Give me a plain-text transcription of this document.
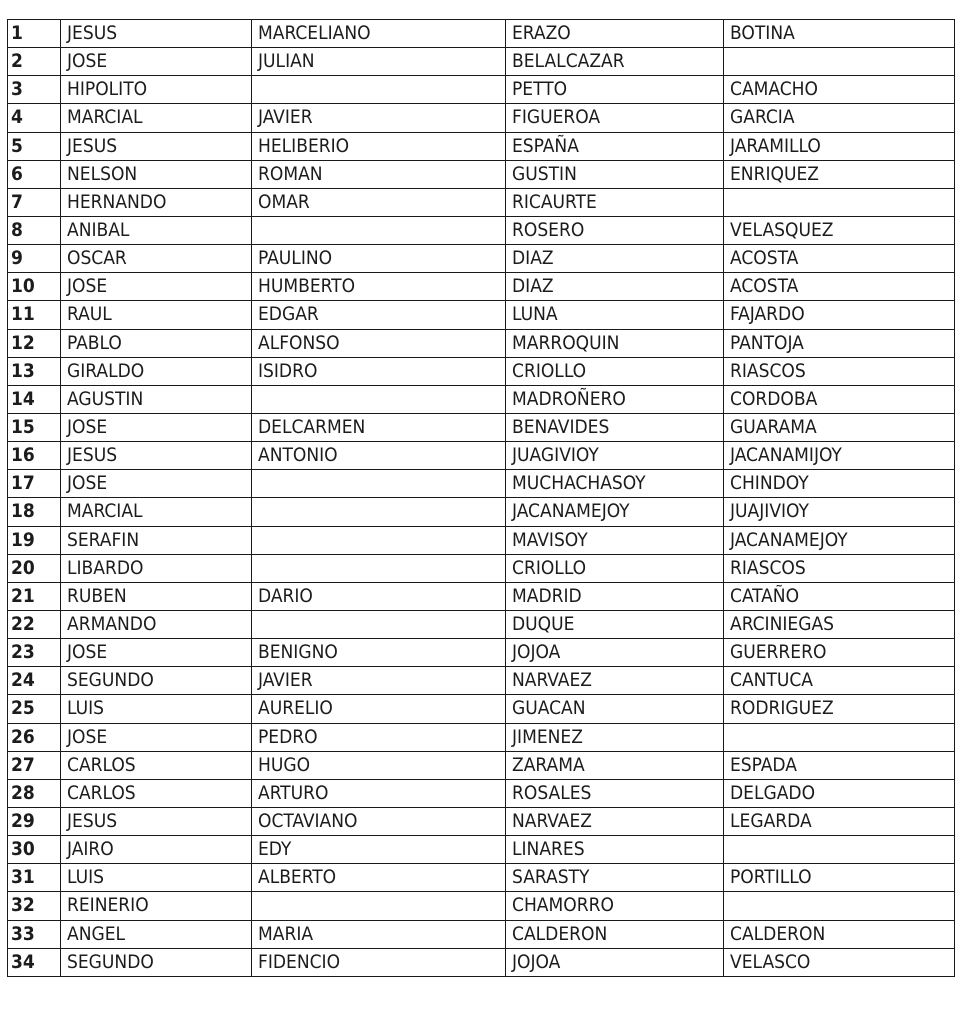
1	JESUS	MARCELIANO	ERAZO	BOTINA
2	JOSE	JULIAN	BELALCAZAR	
3	HIPOLITO		PETTO	CAMACHO
4	MARCIAL	JAVIER	FIGUEROA	GARCIA
5	JESUS	HELIBERIO	ESPAÑA	JARAMILLO
6	NELSON	ROMAN	GUSTIN	ENRIQUEZ
7	HERNANDO	OMAR	RICAURTE	
8	ANIBAL		ROSERO	VELASQUEZ
9	OSCAR	PAULINO	DIAZ	ACOSTA
10	JOSE	HUMBERTO	DIAZ	ACOSTA
11	RAUL	EDGAR	LUNA	FAJARDO
12	PABLO	ALFONSO	MARROQUIN	PANTOJA
13	GIRALDO	ISIDRO	CRIOLLO	RIASCOS
14	AGUSTIN		MADROÑERO	CORDOBA
15	JOSE	DELCARMEN	BENAVIDES	GUARAMA
16	JESUS	ANTONIO	JUAGIVIOY	JACANAMIJOY
17	JOSE		MUCHACHASOY	CHINDOY
18	MARCIAL		JACANAMEJOY	JUAJIVIOY
19	SERAFIN		MAVISOY	JACANAMEJOY
20	LIBARDO		CRIOLLO	RIASCOS
21	RUBEN	DARIO	MADRID	CATAÑO
22	ARMANDO		DUQUE	ARCINIEGAS
23	JOSE	BENIGNO	JOJOA	GUERRERO
24	SEGUNDO	JAVIER	NARVAEZ	CANTUCA
25	LUIS	AURELIO	GUACAN	RODRIGUEZ
26	JOSE	PEDRO	JIMENEZ	
27	CARLOS	HUGO	ZARAMA	ESPADA
28	CARLOS	ARTURO	ROSALES	DELGADO
29	JESUS	OCTAVIANO	NARVAEZ	LEGARDA
30	JAIRO	EDY	LINARES	
31	LUIS	ALBERTO	SARASTY	PORTILLO
32	REINERIO		CHAMORRO	
33	ANGEL	MARIA	CALDERON	CALDERON
34	SEGUNDO	FIDENCIO	JOJOA	VELASCO
